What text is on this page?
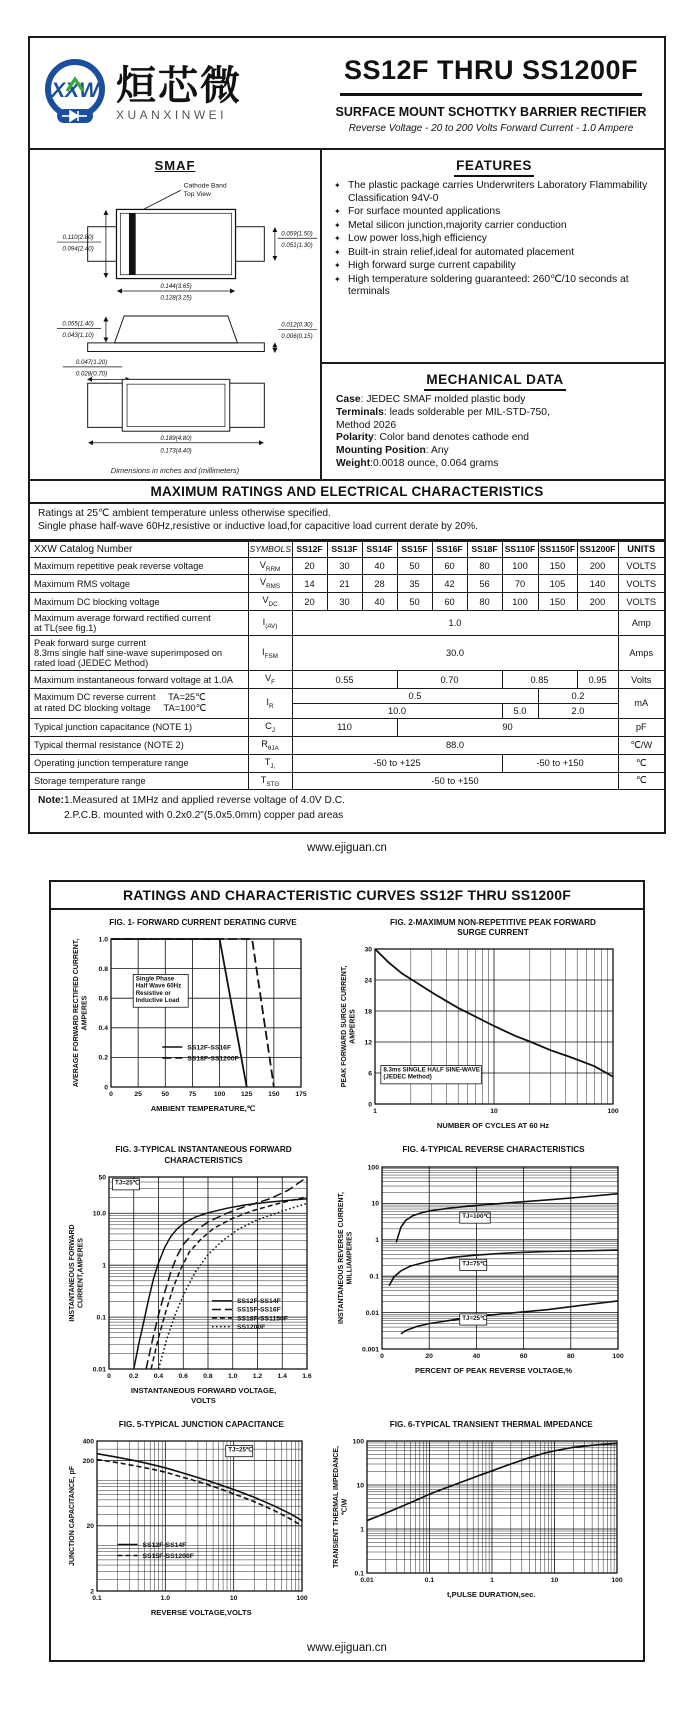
XXW 烜芯微
XUANXINWEI
SS12F THRU SS1200F
SURFACE MOUNT SCHOTTKY BARRIER RECTIFIER
Reverse Voltage - 20 to 200 Volts Forward Current - 1.0 Ampere
SMAF
Cathode Band
Top View
0.110(2.80)
0.094(2.40)
0.059(1.50)
0.051(1.30)
0.144(3.65)
0.128(3.25)
0.055(1.40)
0.043(1.10)
0.012(0.30)
0.006(0.15)
0.047(1.20)
0.028(0.70)
0.189(4.80)
0.173(4.40)
Dimensions in inches and (millimeters)
FEATURES
✦ The plastic package carries Underwriters Laboratory Flammability Classification 94V-0
✦ For surface mounted applications
✦ Metal silicon junction,majority carrier conduction
✦ Low power loss,high efficiency
✦ Built-in strain relief,ideal for automated placement
✦ High forward surge current capability
✦ High temperature soldering guaranteed: 260℃/10 seconds at terminals
MECHANICAL DATA
Case: JEDEC SMAF molded plastic body
Terminals: leads solderable per MIL-STD-750,
Method 2026
Polarity: Color band denotes cathode end
Mounting Position: Any
Weight:0.0018 ounce, 0.064 grams
MAXIMUM RATINGS AND ELECTRICAL CHARACTERISTICS
Ratings at 25℃ ambient temperature unless otherwise specified.
Single phase half-wave 60Hz,resistive or inductive load,for capacitive load current derate by 20%.
XXW Catalog Number	SYMBOLS	SS12F	SS13F	SS14F	SS15F	SS16F	SS18F	SS110F	SS1150F	SS1200F	UNITS
Maximum repetitive peak reverse voltage	$V_{RRM}$	20	30	40	50	60	80	100	150	200	VOLTS
Maximum RMS voltage	$V_{RMS}$	14	21	28	35	42	56	70	105	140	VOLTS
Maximum DC blocking voltage	$V_{DC}$	20	30	40	50	60	80	100	150	200	VOLTS
Maximum average forward rectified current
at TL(see fig.1)	$I_{(AV)}$	1.0									Amp
Peak forward surge current
8.3ms single half sine-wave superimposed on
rated load (JEDEC Method)	$I_{FSM}$	30.0									Amps
Maximum instantaneous forward voltage at 1.0A	$V_F$	0.55			0.70			0.85		0.95	Volts
Maximum DC reverse current     TA=25℃
at rated DC blocking voltage     TA=100℃	$I_R$	0.5							0.2		mA
		10.0						5.0	2.0		
Typical junction capacitance (NOTE 1)	$C_J$	110			90						pF
Typical thermal resistance (NOTE 2)	$R_{\theta JA}$	88.0									℃/W
Operating junction temperature range	$T_{J,}$	-50 to +125						-50 to +150			℃
Storage temperature range	$T_{STG}$	-50 to +150									℃
Note:1.Measured at 1MHz and applied reverse voltage of 4.0V D.C.
2.P.C.B. mounted with 0.2x0.2"(5.0x5.0mm) copper pad areas
www.ejiguan.cn
RATINGS AND CHARACTERISTIC CURVES SS12F THRU SS1200F
FIG. 1- FORWARD CURRENT DERATING CURVE
0	25	50	75	100 125 150 175
0
0.2
0.4
0.6
0.8
1.0
Single Phase
Half Wave 60Hz
Resistive or
Inductive Load
SS12F-SS16F
SS18F-SS1200F
AVERAGE FORWARD RECTIFIED CURRENT, AMPERES
AMBIENT TEMPERATURE,℃
FIG. 2-MAXIMUM NON-REPETITIVE PEAK FORWARD
SURGE CURRENT
1	10	100
0
6
12
18
24
30
8.3ms SINGLE HALF SINE-WAVE
(JEDEC Method)
PEAK FORWARD SURGE CURRENT, AMPERES
NUMBER OF CYCLES AT 60 Hz
FIG. 3-TYPICAL INSTANTANEOUS FORWARD
CHARACTERISTICS
0	0.2 0.4 0.6 0.8 1.0 1.2 1.4 1.6
0.01
0.1
1
10.0
50
TJ=25℃
SS12F-SS14F
SS15F-SS16F
SS18F-SS1150F
SS1200F
INSTANTANEOUS FORWARD CURRENT,AMPERES
INSTANTANEOUS FORWARD VOLTAGE,
VOLTS
FIG. 4-TYPICAL REVERSE CHARACTERISTICS
0	20	40	60	80	100
0.001
0.01
0.1
1
10
100
TJ=100℃
TJ=75℃
TJ=25℃
INSTANTANEOUS REVERSE CURRENT, MILLIAMPERES
PERCENT OF PEAK REVERSE VOLTAGE,%
FIG. 5-TYPICAL JUNCTION CAPACITANCE
0.1	1.0	10	100
2
20
200
400
TJ=25℃
SS12F-SS14F
SS15F-SS1200F
JUNCTION CAPACITANCE, pF
REVERSE VOLTAGE,VOLTS
FIG. 6-TYPICAL TRANSIENT THERMAL IMPEDANCE
0.01	0.1	1	10	100
0.1
1
10
100
TRANSIENT THERMAL IMPEDANCE, ℃/W
t,PULSE DURATION,sec.
www.ejiguan.cn
